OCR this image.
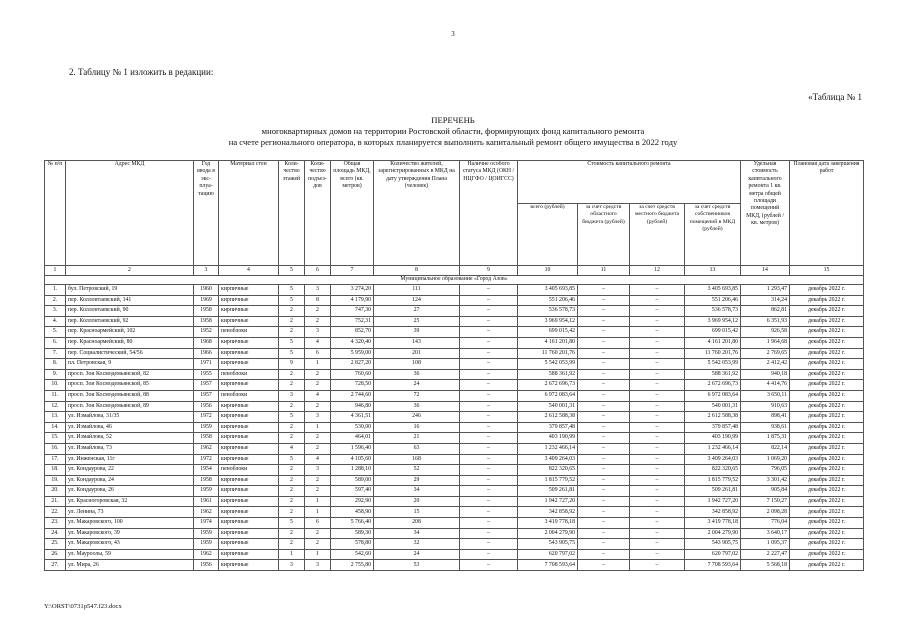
3
2. Таблицу № 1 изложить в редакции:
«Таблица № 1
ПЕРЕЧЕНЬ
многоквартирных домов на территории Ростовской области, формирующих фонд капитального ремонта
на счете регионального оператора, в которых планируется выполнить капитальный ремонт общего имущества в 2022 году
№ п/п	Адрес МКД	Год ввода в эксплуатацию	Материал стен	Количество этажей	Количество подъездов	Общая площадь МКД, всего (кв. метров)	Количество жителей, зарегистрированных в МКД на дату утверждения Плана (человек)	Наличие особого статуса МКД (ОКН / НЦГФО / ЦОИГСС)	Стоимость капитального ремонта				Удельная стоимость капитального ремонта 1 кв. метра общей площади помещений МКД, (рублей / кв. метров)	Плановая дата завершения работ
									всего (рублей)	за счет средств областного бюджета (рублей)	за счет средств местного бюджета (рублей)	за счет средств собственников помещений в МКД (рублей)		
1	2	3	4	5	6	7	8	9	10	11	12	13	14	15
Муниципальное образование «Город Азов»														
1.	бул. Петровский, 19	1960	кирпичные	5	3	3 274,20	111	–	3 405 693,85	–	–	3 405 693,85	1 293,47	декабрь 2022 г.
2.	пер. Коллонтаевский, 141	1969	кирпичные	5	8	4 179,90	124	–	551 206,46	–	–	551 206,46	314,24	декабрь 2022 г.
3.	пер. Коллонтаевский, 90	1958	кирпичные	2	2	747,30	27	–	536 578,73	–	–	536 578,73	862,81	декабрь 2022 г.
4.	пер. Коллонтаевский, 92	1958	кирпичные	2	2	752,31	25	–	3 969 954,12	–	–	3 969 954,12	6 351,93	декабрь 2022 г.
5.	пер. Красноармейский, 102	1952	пеноблоки	2	3	852,70	39	–	699 015,42	–	–	699 015,42	926,58	декабрь 2022 г.
6.	пер. Красноармейский, 80	1968	кирпичные	5	4	4 320,40	143	–	4 161 201,80	–	–	4 161 201,80	1 964,68	декабрь 2022 г.
7.	пер. Социалистический, 54/56	1966	кирпичные	5	6	5 959,00	201	–	11 760 201,76	–	–	11 760 201,76	2 769,65	декабрь 2022 г.
8.	пл. Петровская, 9	1971	кирпичные	9	1	2 827,20	108	–	5 542 053,99	–	–	5 542 053,99	2 412,42	декабрь 2022 г.
9.	просп. Зои Космодемьянской, 82	1955	пеноблоки	2	2	760,60	36	–	588 361,92	–	–	588 361,92	940,18	декабрь 2022 г.
10.	просп. Зои Космодемьянской, 85	1957	кирпичные	2	2	728,50	24	–	2 672 696,73	–	–	2 672 696,73	4 414,76	декабрь 2022 г.
11.	просп. Зои Космодемьянской, 88	1957	пеноблоки	3	4	2 744,60	72	–	6 972 083,64	–	–	6 972 083,64	3 650,11	декабрь 2022 г.
12.	просп. Зои Космодемьянской, 89	1956	кирпичные	2	2	946,80	36	–	540 001,31	–	–	540 001,31	910,63	декабрь 2022 г.
13.	ул. Измайлова, 31/35	1972	кирпичные	5	3	4 361,51	246	–	2 612 588,38	–	–	2 612 588,38	898,41	декабрь 2022 г.
14.	ул. Измайлова, 46	1959	кирпичные	2	1	530,00	16	–	379 857,48	–	–	379 857,48	938,61	декабрь 2022 г.
15.	ул. Измайлова, 52	1958	кирпичные	2	2	464,01	21	–	403 190,99	–	–	403 190,99	1 875,31	декабрь 2022 г.
16.	ул. Измайлова, 73	1962	кирпичные	4	2	1 596,40	63	–	1 232 466,14	–	–	1 232 466,14	822,14	декабрь 2022 г.
17.	ул. Инженская, 11г	1972	кирпичные	5	4	4 105,60	168	–	3 409 264,03	–	–	3 409 264,03	1 069,20	декабрь 2022 г.
18.	ул. Кондаурова, 22	1954	пеноблоки	2	3	1 288,10	52	–	822 320,65	–	–	822 320,65	796,05	декабрь 2022 г.
19.	ул. Кондаурова, 24	1958	кирпичные	2	2	589,00	29	–	1 815 779,52	–	–	1 815 779,52	3 301,42	декабрь 2022 г.
20.	ул. Кондаурова, 26	1959	кирпичные	2	2	597,40	34	–	509 261,81	–	–	509 261,81	905,84	декабрь 2022 г.
21.	ул. Красногоровская, 32	1961	кирпичные	2	1	292,90	20	–	1 942 727,20	–	–	1 942 727,20	7 150,27	декабрь 2022 г.
22.	ул. Ленина, 73	1962	кирпичные	2	1	458,90	15	–	342 858,92	–	–	342 858,92	2 098,28	декабрь 2022 г.
23.	ул. Макаровского, 100	1974	кирпичные	5	6	5 766,40	208	–	3 419 778,18	–	–	3 419 778,18	776,04	декабрь 2022 г.
24.	ул. Макаровского, 39	1959	кирпичные	2	2	589,30	34	–	2 004 279,90	–	–	2 004 279,90	3 640,17	декабрь 2022 г.
25.	ул. Макаровского, 43	1959	кирпичные	2	2	578,80	32	–	543 905,75	–	–	543 905,75	1 095,37	декабрь 2022 г.
26.	ул. Мауроолы, 59	1962	кирпичные	1	1	542,60	24	–	620 797,02	–	–	620 797,02	2 227,47	декабрь 2022 г.
27.	ул. Мира, 26	1956	кирпичные	3	3	2 755,80	53	–	7 708 593,64	–	–	7 708 593,64	5 568,18	декабрь 2022 г.
Y:\ORST\0731p547.f23.docx
